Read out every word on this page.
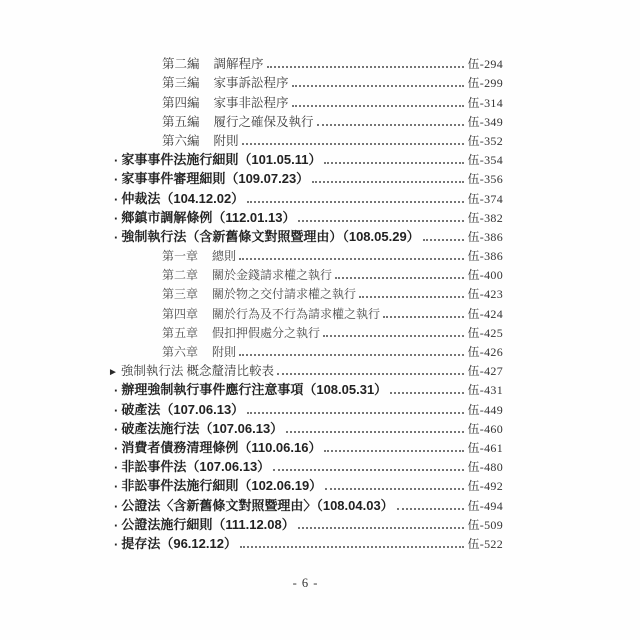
第二編 調解程序	伍-294
第三編 家事訴訟程序	伍-299
第四編 家事非訟程序	伍-314
第五編 履行之確保及執行	伍-349
第六編 附則	伍-352
· 家事事件法施行細則（101.05.11）	伍-354
· 家事事件審理細則（109.07.23）	伍-356
· 仲裁法（104.12.02）	伍-374
· 鄉鎮市調解條例（112.01.13）	伍-382
· 強制執行法（含新舊條文對照暨理由）（108.05.29）	伍-386
第一章 總則	伍-386
第二章 關於金錢請求權之執行	伍-400
第三章 關於物之交付請求權之執行	伍-423
第四章 關於行為及不行為請求權之執行	伍-424
第五章 假扣押假處分之執行	伍-425
第六章 附則	伍-426
► 強制執行法 概念釐清比較表	伍-427
· 辦理強制執行事件應行注意事項（108.05.31）	伍-431
· 破產法（107.06.13）	伍-449
· 破產法施行法（107.06.13）	伍-460
· 消費者債務清理條例（110.06.16）	伍-461
· 非訟事件法（107.06.13）	伍-480
· 非訟事件法施行細則（102.06.19）	伍-492
· 公證法〈含新舊條文對照暨理由〉（108.04.03）	伍-494
· 公證法施行細則（111.12.08）	伍-509
· 提存法（96.12.12）	伍-522
- 6 -
